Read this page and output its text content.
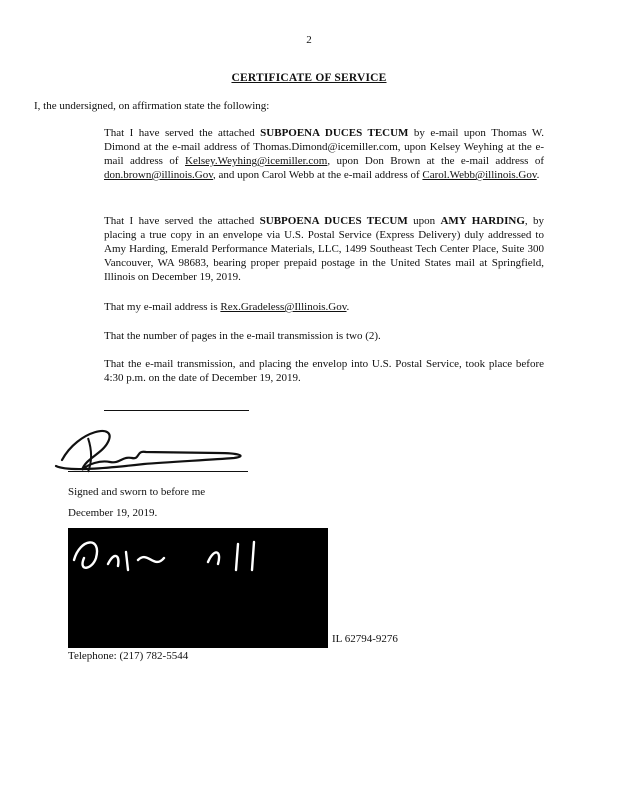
2
CERTIFICATE OF SERVICE
I, the undersigned, on affirmation state the following:

That I have served the attached SUBPOENA DUCES TECUM by e-mail upon Thomas W. Dimond at the e-mail address of Thomas.Dimond@icemiller.com, upon Kelsey Weyhing at the e-mail address of Kelsey.Weyhing@icemiller.com, upon Don Brown at the e-mail address of don.brown@illinois.Gov, and upon Carol Webb at the e-mail address of Carol.Webb@illinois.Gov.

That I have served the attached SUBPOENA DUCES TECUM upon AMY HARDING, by placing a true copy in an envelope via U.S. Postal Service (Express Delivery) duly addressed to Amy Harding, Emerald Performance Materials, LLC, 1499 Southeast Tech Center Place, Suite 300 Vancouver, WA 98683, bearing proper prepaid postage in the United States mail at Springfield, Illinois on December 19, 2019.

That my e-mail address is Rex.Gradeless@Illinois.Gov.

That the number of pages in the e-mail transmission is two (2).

That the e-mail transmission, and placing the envelop into U.S. Postal Service, took place before 4:30 p.m. on the date of December 19, 2019.

Signed and sworn to before me
December 19, 2019.
IL 62794-9276
Telephone: (217) 782-5544
